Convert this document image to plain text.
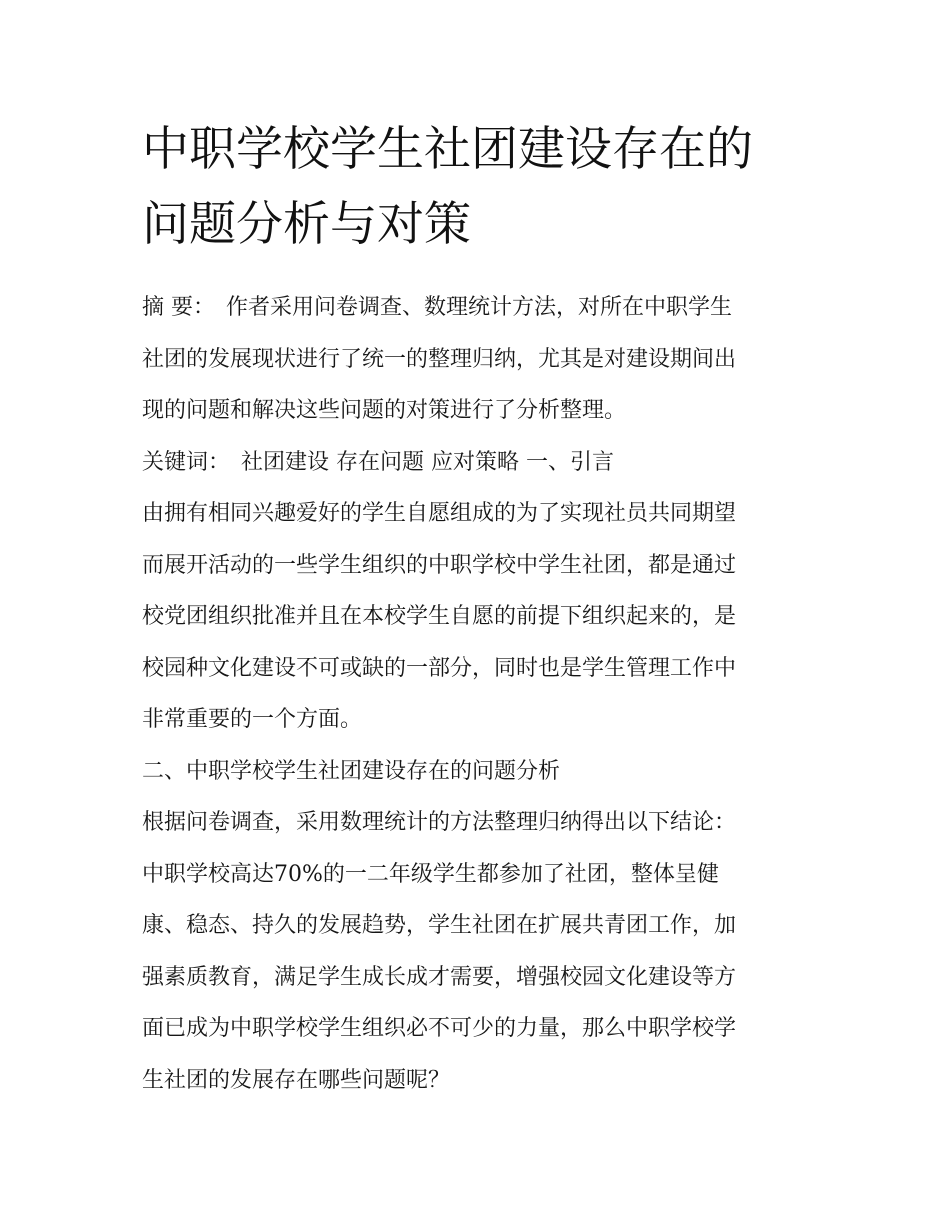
中职学校学生社团建设存在的
问题分析与对策
摘 要： 作者采用问卷调查、数理统计方法，对所在中职学生
社团的发展现状进行了统一的整理归纳，尤其是对建设期间出
现的问题和解决这些问题的对策进行了分析整理。
关键词： 社团建设 存在问题 应对策略 一、引言
由拥有相同兴趣爱好的学生自愿组成的为了实现社员共同期望
而展开活动的一些学生组织的中职学校中学生社团，都是通过
校党团组织批准并且在本校学生自愿的前提下组织起来的，是
校园种文化建设不可或缺的一部分，同时也是学生管理工作中
非常重要的一个方面。
二、中职学校学生社团建设存在的问题分析
根据问卷调查，采用数理统计的方法整理归纳得出以下结论：
中职学校高达70%的一二年级学生都参加了社团，整体呈健
康、稳态、持久的发展趋势，学生社团在扩展共青团工作，加
强素质教育，满足学生成长成才需要，增强校园文化建设等方
面已成为中职学校学生组织必不可少的力量，那么中职学校学
生社团的发展存在哪些问题呢？
